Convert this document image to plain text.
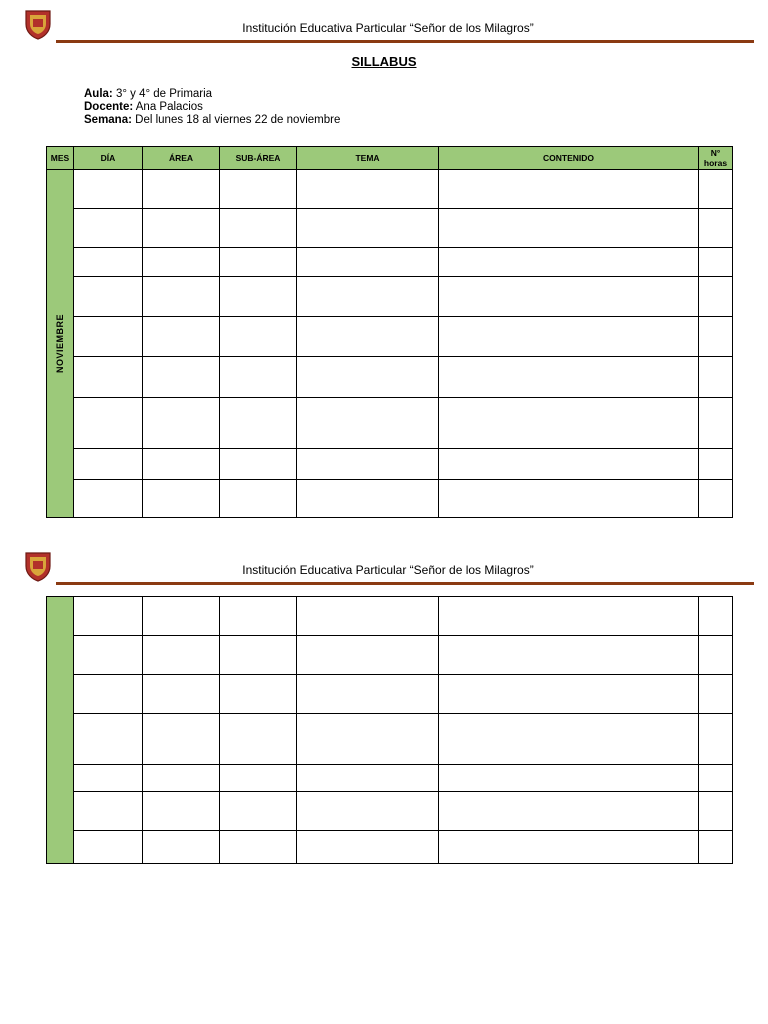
Institución Educativa Particular “Señor de los Milagros”
SILLABUS
Aula: 3° y 4° de Primaria
Docente: Ana Palacios
Semana: Del lunes 18 al viernes 22 de noviembre
MES	DÍA	ÁREA	SUB-ÁREA	TEMA	CONTENIDO	N° horas

NOVIEMBRE						

Institución Educativa Particular “Señor de los Milagros”
